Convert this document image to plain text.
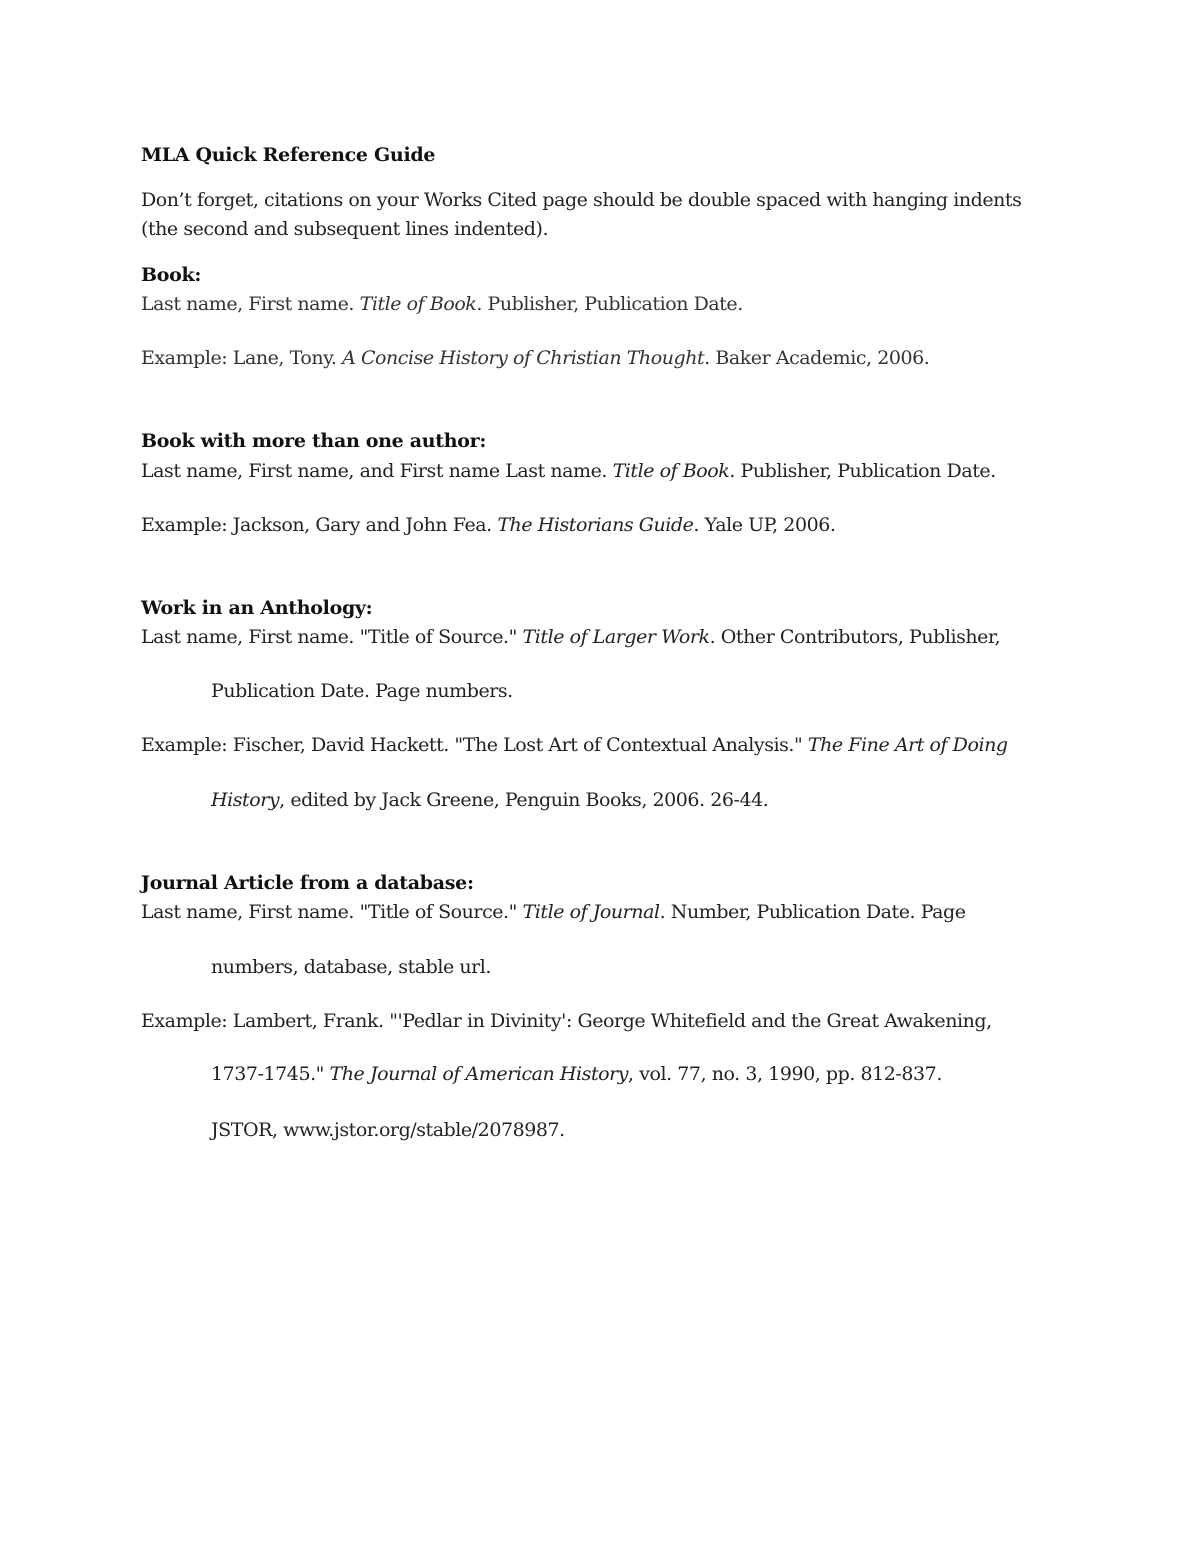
MLA Quick Reference Guide
Don’t forget, citations on your Works Cited page should be double spaced with hanging indents
(the second and subsequent lines indented).
Book:
Last name, First name. Title of Book. Publisher, Publication Date.
Example: Lane, Tony. A Concise History of Christian Thought. Baker Academic, 2006.
Book with more than one author:
Last name, First name, and First name Last name. Title of Book. Publisher, Publication Date.
Example: Jackson, Gary and John Fea. The Historians Guide. Yale UP, 2006.
Work in an Anthology:
Last name, First name. "Title of Source." Title of Larger Work. Other Contributors, Publisher,
Publication Date. Page numbers.
Example: Fischer, David Hackett. "The Lost Art of Contextual Analysis." The Fine Art of Doing
History, edited by Jack Greene, Penguin Books, 2006. 26-44.
Journal Article from a database:
Last name, First name. "Title of Source." Title of Journal. Number, Publication Date. Page
numbers, database, stable url.
Example: Lambert, Frank. "'Pedlar in Divinity': George Whitefield and the Great Awakening,
1737-1745." The Journal of American History, vol. 77, no. 3, 1990, pp. 812-837.
JSTOR, www.jstor.org/stable/2078987.
